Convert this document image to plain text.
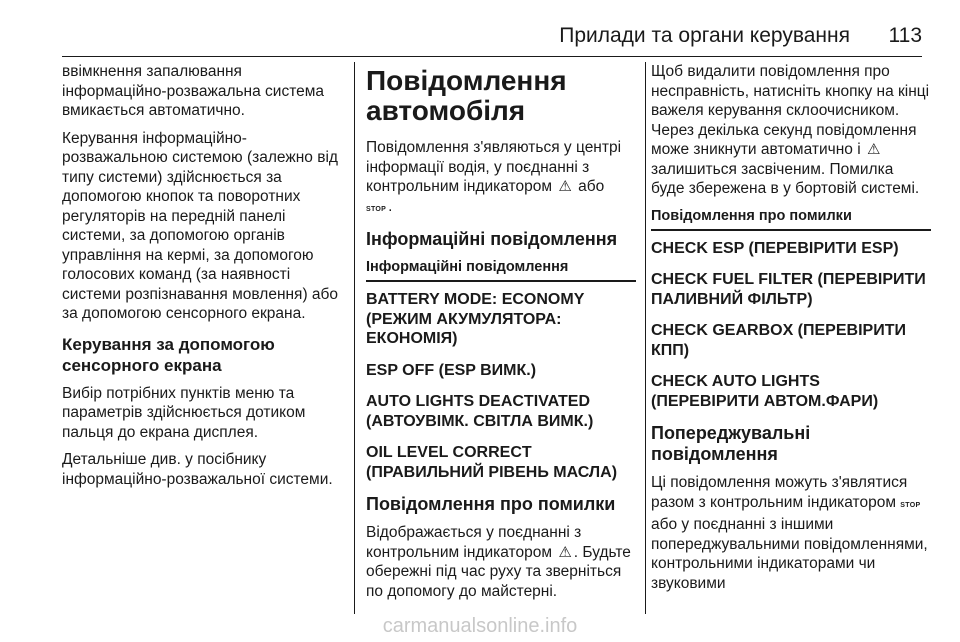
Прилади та органи керування 113

ввімкнення запалювання інформаційно-розважальна система вмикається автоматично.

Керування інформаційно-розважальною системою (залежно від типу системи) здійснюється за допомогою кнопок та поворотних регуляторів на передній панелі системи, за допомогою органів управління на кермі, за допомогою голосових команд (за наявності системи розпізнавання мовлення) або за допомогою сенсорного екрана.

Керування за допомогою сенсорного екрана

Вибір потрібних пунктів меню та параметрів здійснюється дотиком пальця до екрана дисплея.

Детальніше див. у посібнику інформаційно-розважальної системи.

Повідомлення автомобіля

Повідомлення з'являються у центрі інформації водія, у поєднанні з контрольним індикатором ⚠ або
STOP .

Інформаційні повідомлення
Інформаційні повідомлення
BATTERY MODE: ECONOMY (РЕЖИМ АКУМУЛЯТОРА: ЕКОНОМІЯ)
ESP OFF (ESP ВИМК.)
AUTO LIGHTS DEACTIVATED (АВТОУВІМК. СВІТЛА ВИМК.)
OIL LEVEL CORRECT (ПРАВИЛЬНИЙ РІВЕНЬ МАСЛА)
Повідомлення про помилки

Відображається у поєднанні з контрольним індикатором ⚠ . Будьте обережні під час руху та зверніться по допомогу до майстерні.

Щоб видалити повідомлення про несправність, натисніть кнопку на кінці важеля керування склоочисником. Через декілька секунд повідомлення може зникнути автоматично і ⚠ залишиться засвіченим. Помилка буде збережена в у бортовій системі.

Повідомлення про помилки
CHECK ESP (ПЕРЕВІРИТИ ESP)
CHECK FUEL FILTER (ПЕРЕВІРИТИ ПАЛИВНИЙ ФІЛЬТР)
CHECK GEARBOX (ПЕРЕВІРИТИ КПП)
CHECK AUTO LIGHTS (ПЕРЕВІРИТИ АВТОМ.ФАРИ)
Попереджувальні повідомлення

Ці повідомлення можуть з'являтися разом з контрольним індикатором STOP або у поєднанні з іншими попереджувальними повідомленнями, контрольними індикаторами чи звуковими

carmanualsonline.info
